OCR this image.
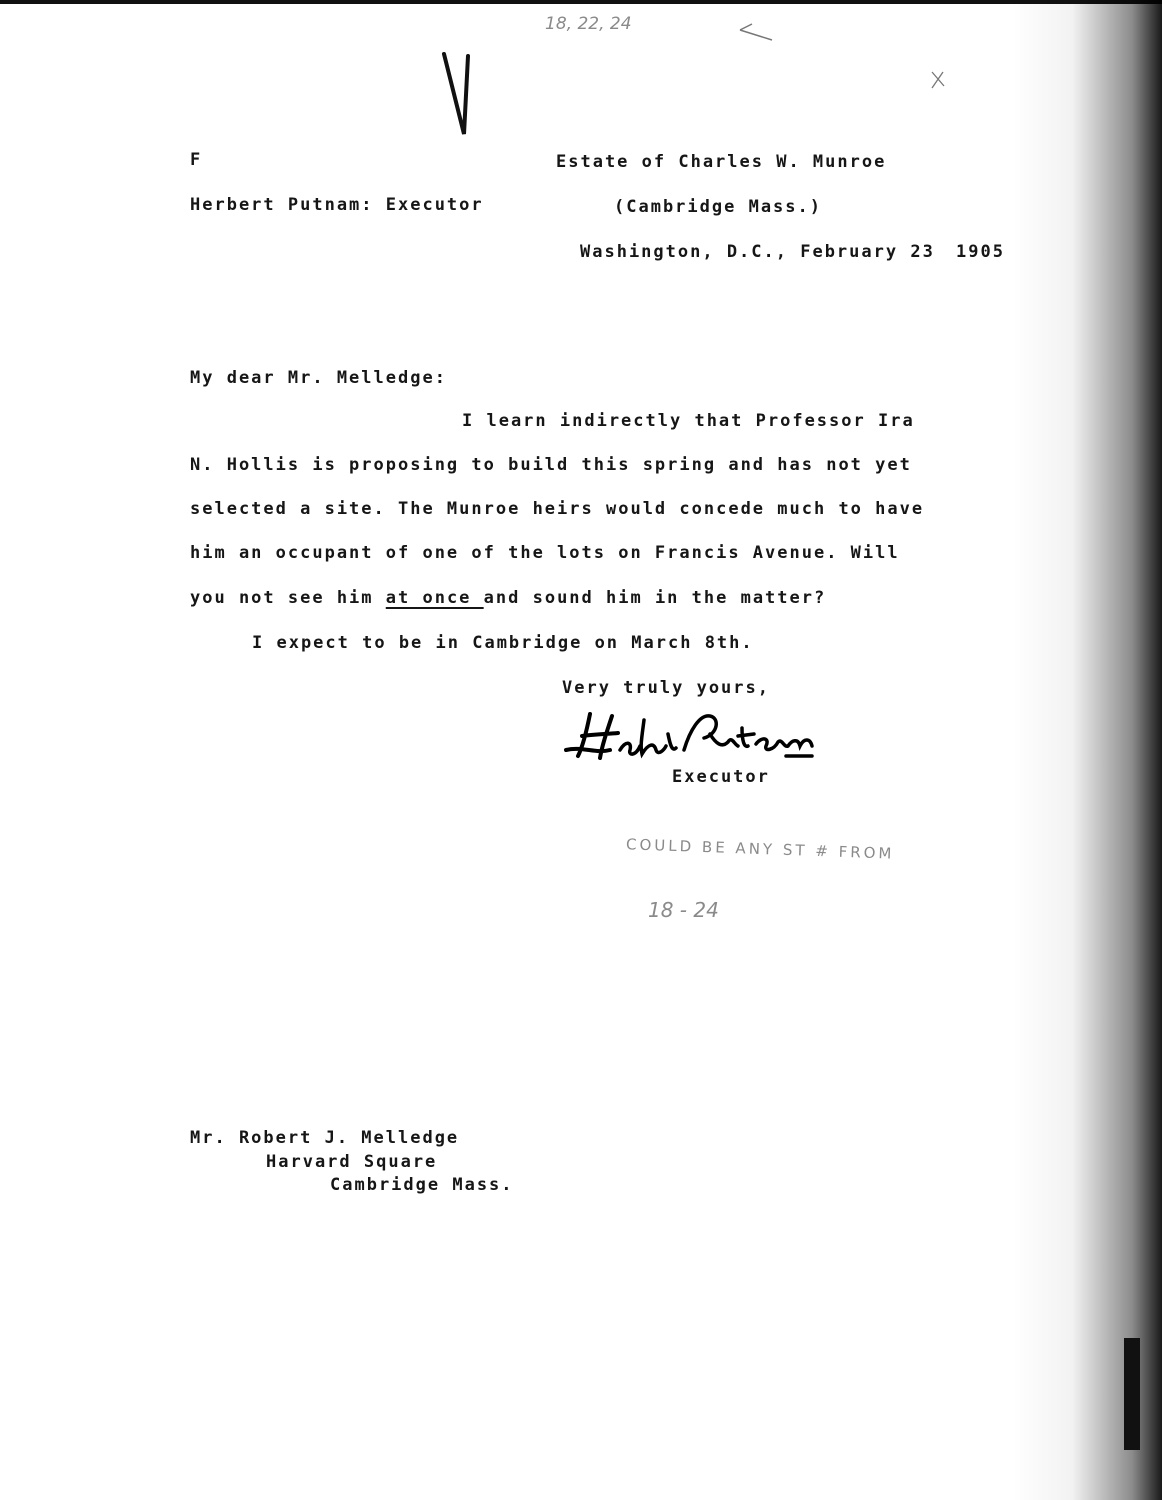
18, 22, 24
F	Estate of Charles W. Munroe
Herbert Putnam: Executor	(Cambridge Mass.)
Washington, D.C., February 23 1905
My dear Mr. Melledge:
I learn indirectly that Professor Ira
N. Hollis is proposing to build this spring and has not yet
selected a site. The Munroe heirs would concede much to have
him an occupant of one of the lots on Francis Avenue. Will
you not see him at once and sound him in the matter?
I expect to be in Cambridge on March 8th.
Very truly yours,
Executor
COULD BE ANY ST # FROM
18 - 24
Mr. Robert J. Melledge
Harvard Square
Cambridge Mass.
